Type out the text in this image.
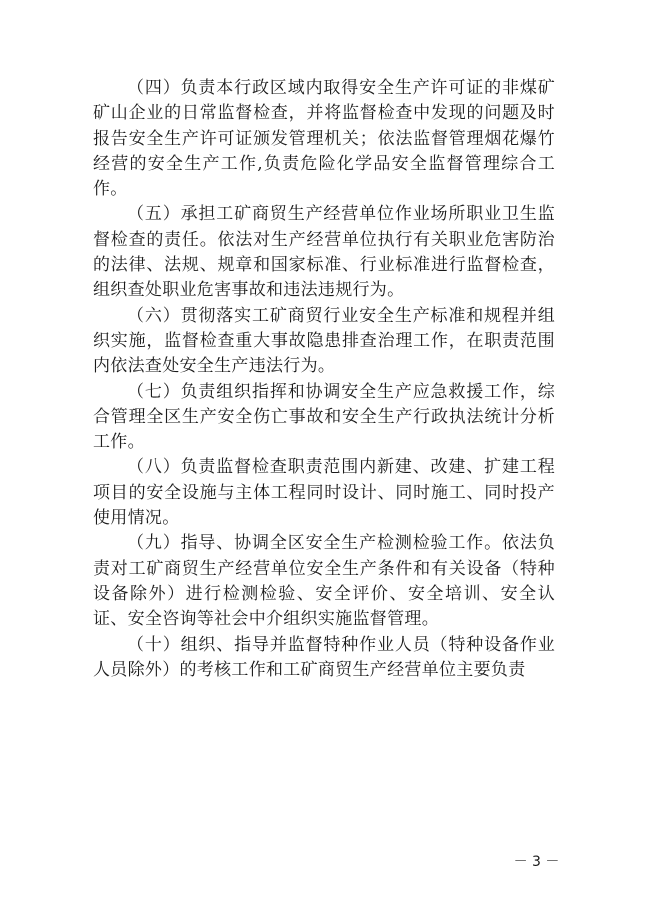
（四）负责本行政区域内取得安全生产许可证的非煤矿矿山企业的日常监督检查，并将监督检查中发现的问题及时报告安全生产许可证颁发管理机关；依法监督管理烟花爆竹经营的安全生产工作,负责危险化学品安全监督管理综合工作。

（五）承担工矿商贸生产经营单位作业场所职业卫生监督检查的责任。依法对生产经营单位执行有关职业危害防治的法律、法规、规章和国家标准、行业标准进行监督检查，组织查处职业危害事故和违法违规行为。

（六）贯彻落实工矿商贸行业安全生产标准和规程并组织实施，监督检查重大事故隐患排查治理工作，在职责范围内依法查处安全生产违法行为。

（七）负责组织指挥和协调安全生产应急救援工作，综合管理全区生产安全伤亡事故和安全生产行政执法统计分析工作。

（八）负责监督检查职责范围内新建、改建、扩建工程项目的安全设施与主体工程同时设计、同时施工、同时投产使用情况。

（九）指导、协调全区安全生产检测检验工作。依法负责对工矿商贸生产经营单位安全生产条件和有关设备（特种设备除外）进行检测检验、安全评价、安全培训、安全认证、安全咨询等社会中介组织实施监督管理。

（十）组织、指导并监督特种作业人员（特种设备作业人员除外）的考核工作和工矿商贸生产经营单位主要负责

－ 3 －
